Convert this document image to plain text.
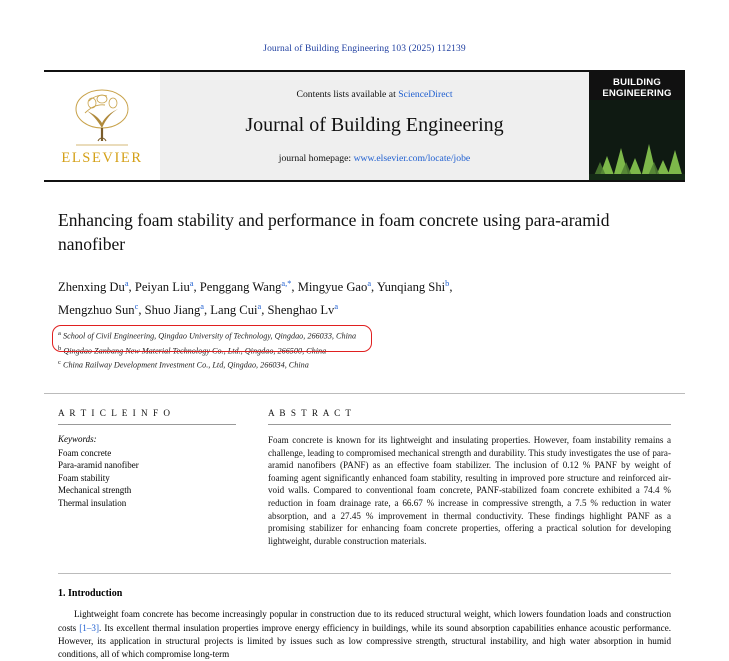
Journal of Building Engineering 103 (2025) 112139
ELSEVIER
Contents lists available at ScienceDirect
Journal of Building Engineering
journal homepage: www.elsevier.com/locate/jobe
BUILDING
ENGINEERING
Enhancing foam stability and performance in foam concrete using para-aramid nanofiber
Zhenxing Du$^a$, Peiyan Liu$^a$, Penggang Wang$^{a,*}$, Mingyue Gao$^a$, Yunqiang Shi$^b$,
Mengzhuo Sun$^c$, Shuo Jiang$^a$, Lang Cui$^a$, Shenghao Lv$^a$
$^a$ School of Civil Engineering, Qingdao University of Technology, Qingdao, 266033, China
$^b$ Qingdao Zanbang New Material Technology Co., Ltd., Qingdao, 266500, China
$^c$ China Railway Development Investment Co., Ltd, Qingdao, 266034, China
A R T I C L E I N F O
Keywords:
Foam concrete
Para-aramid nanofiber
Foam stability
Mechanical strength
Thermal insulation
A B S T R A C T
Foam concrete is known for its lightweight and insulating properties. However, foam instability remains a challenge, leading to compromised mechanical strength and durability. This study investigates the use of para-aramid nanofibers (PANF) as an effective foam stabilizer. The inclusion of 0.12 % PANF by weight of foaming agent significantly enhanced foam stability, resulting in improved pore structure and reinforced air-void walls. Compared to conventional foam concrete, PANF-stabilized foam concrete exhibited a 74.4 % reduction in foam drainage rate, a 66.67 % increase in compressive strength, a 7.5 % reduction in water absorption, and a 27.45 % improvement in thermal conductivity. These findings highlight PANF as a promising stabilizer for enhancing foam concrete properties, offering a practical solution for developing lightweight, durable construction materials.
1. Introduction
Lightweight foam concrete has become increasingly popular in construction due to its reduced structural weight, which lowers foundation loads and construction costs [1–3]. Its excellent thermal insulation properties improve energy efficiency in buildings, while its sound absorption capabilities enhance acoustic performance. However, its application in structural projects is limited by issues such as low compressive strength, structural instability, and high water absorption in humid conditions, all of which compromise long-term
